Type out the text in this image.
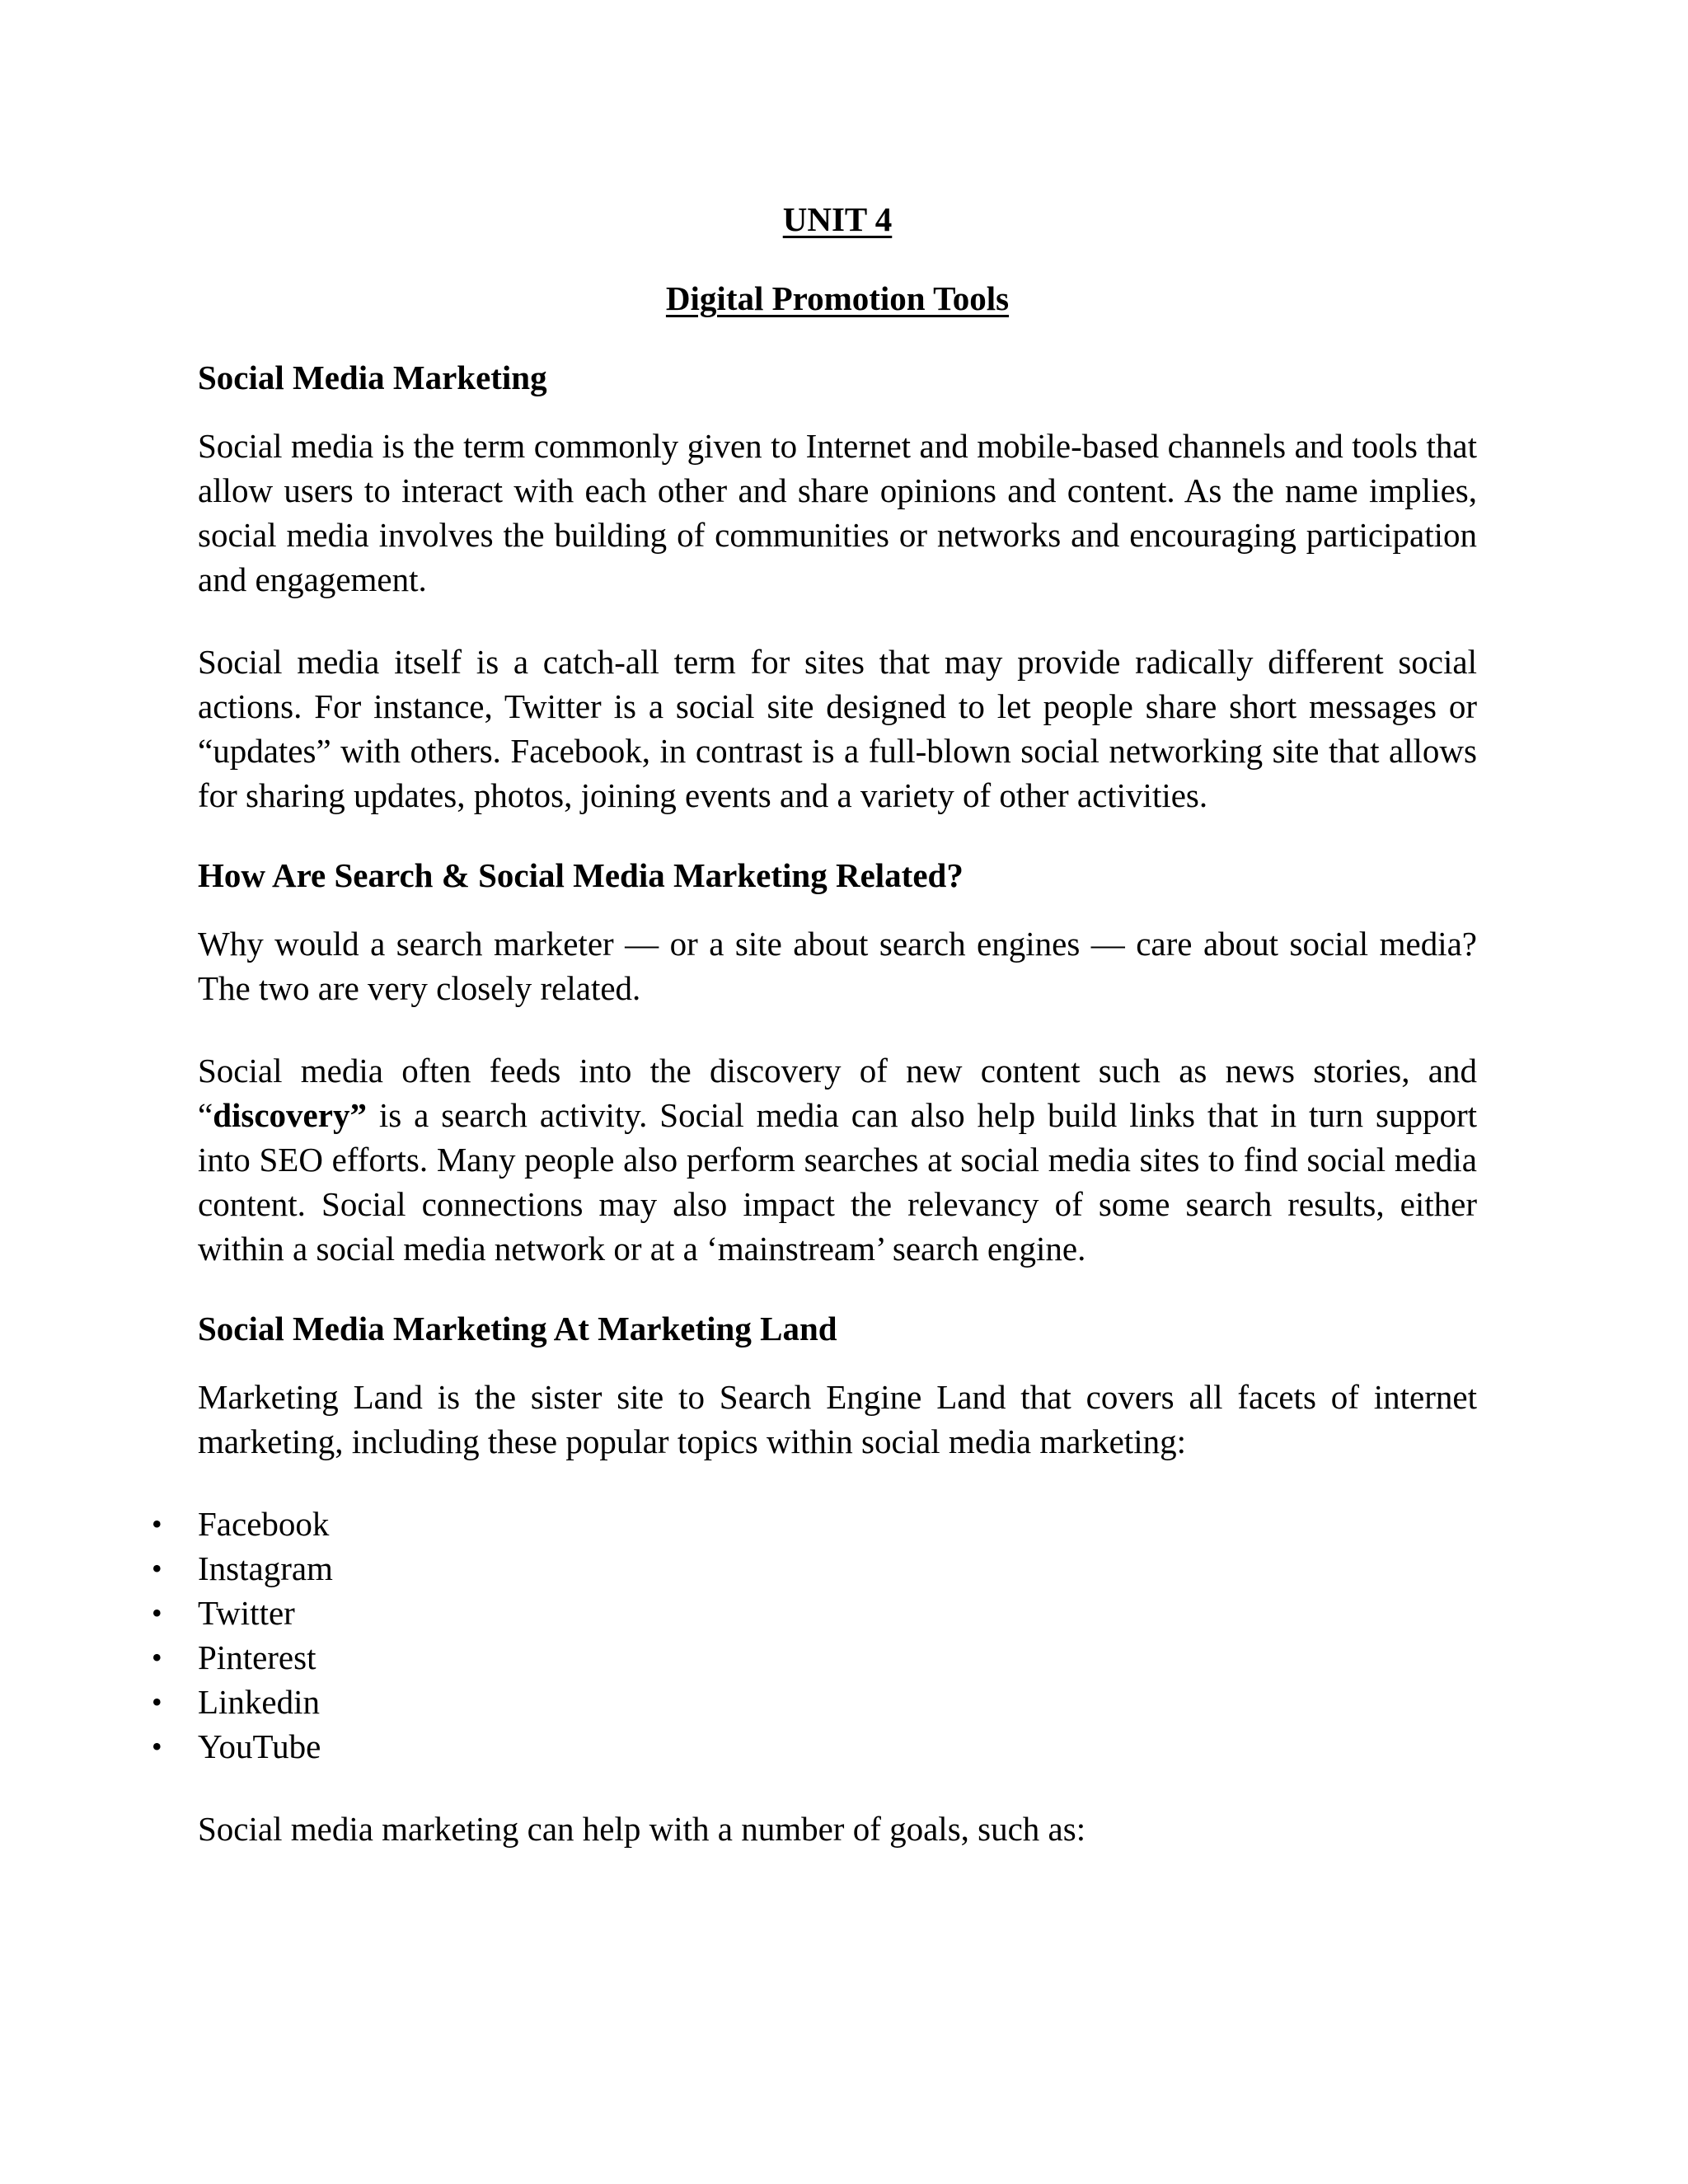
UNIT 4
Digital Promotion Tools
Social Media Marketing

Social media is the term commonly given to Internet and mobile-based channels and tools that allow users to interact with each other and share opinions and content. As the name implies, social media involves the building of communities or networks and encouraging participation and engagement.

Social media itself is a catch-all term for sites that may provide radically different social actions. For instance, Twitter is a social site designed to let people share short messages or “updates” with others. Facebook, in contrast is a full-blown social networking site that allows for sharing updates, photos, joining events and a variety of other activities.

How Are Search & Social Media Marketing Related?

Why would a search marketer — or a site about search engines — care about social media? The two are very closely related.

Social media often feeds into the discovery of new content such as news stories, and “discovery” is a search activity. Social media can also help build links that in turn support into SEO efforts. Many people also perform searches at social media sites to find social media content. Social connections may also impact the relevancy of some search results, either within a social media network or at a ‘mainstream’ search engine.

Social Media Marketing At Marketing Land

Marketing Land is the sister site to Search Engine Land that covers all facets of internet marketing, including these popular topics within social media marketing:

• Facebook
• Instagram
• Twitter
• Pinterest
• Linkedin
• YouTube

Social media marketing can help with a number of goals, such as:
